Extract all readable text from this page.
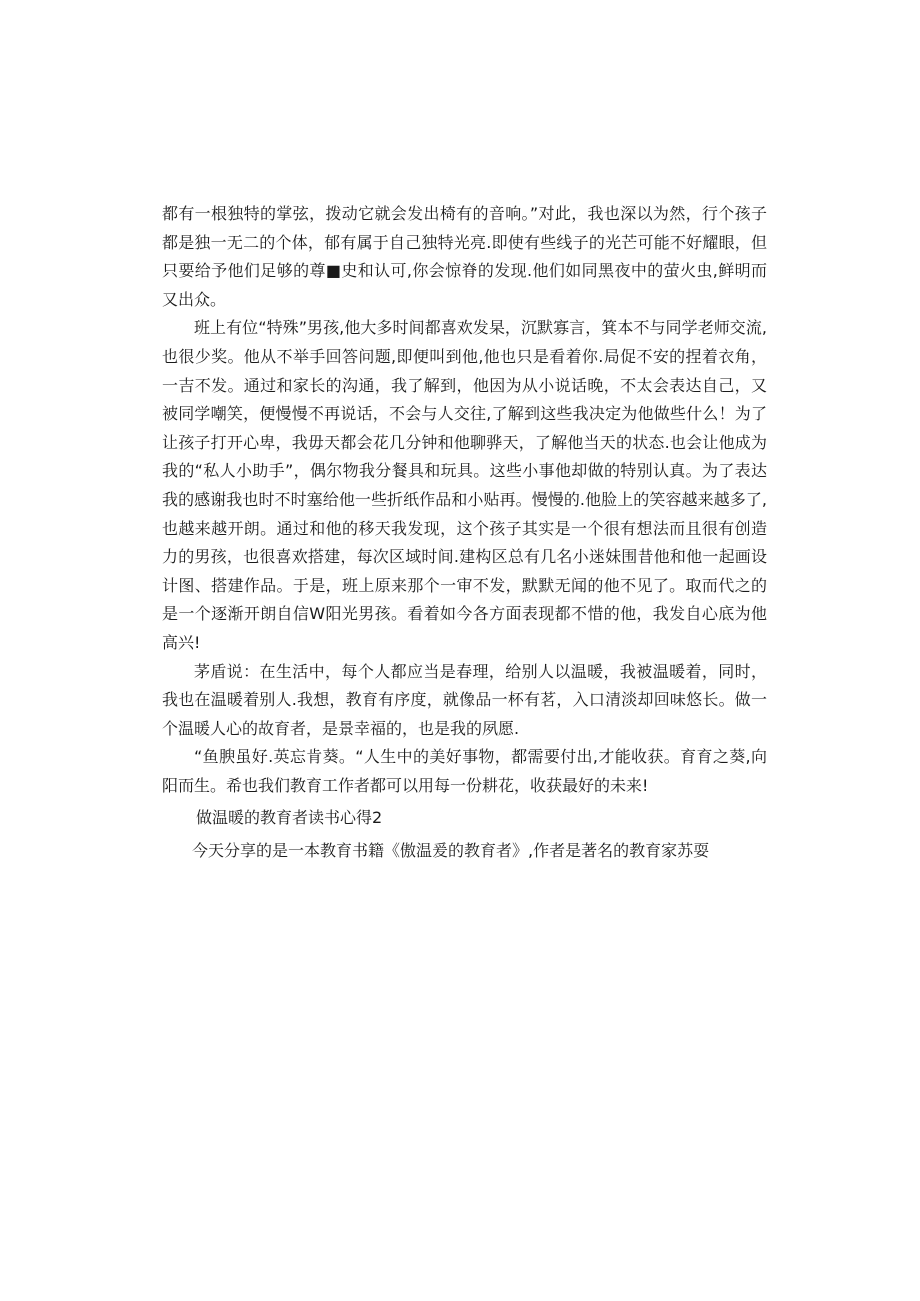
都有一根独特的掌弦，拨动它就会发出椅有的音响。”对此，我也深以为然，行个孩子都是独一无二的个体，郁有属于自己独特光亮.即使有些线子的光芒可能不好耀眼，但只要给予他们足够的尊■史和认可,你会惊脊的发现.他们如同黑夜中的萤火虫,鲜明而又出众。

班上有位“特殊”男孩,他大多时间都喜欢发杲，沉默寡言，箕本不与同学老师交流,也很少奖。他从不举手回答问题,即便叫到他,他也只是看着你.局促不安的捏着衣角，一吉不发。通过和家长的沟通，我了解到，他因为从小说话晚，不太会表达自己，又被同学嘲笑，便慢慢不再说话，不会与人交往,了解到这些我决定为他做些什么！为了让孩子打开心卑，我毋天都会花几分钟和他聊骅天，了解他当天的状态.也会让他成为我的“私人小助手”，偶尔物我分餐具和玩具。这些小事他却做的特别认真。为了表达我的感谢我也时不时塞给他一些折纸作品和小贴再。慢慢的.他脸上的笑容越来越多了,也越来越开朗。通过和他的移天我发现，这个孩子其实是一个很有想法而且很有创造力的男孩，也很喜欢搭建，每次区域时间.建构区总有几名小迷妹围昔他和他一起画设计图、搭建作品。于是，班上原来那个一审不发，默默无闻的他不见了。取而代之的是一个逐渐开朗自信W阳光男孩。看着如今各方面表现都不惜的他，我发自心底为他高兴!

茅盾说：在生活中，每个人都应当是春理，给别人以温暖，我被温暖着，同时，我也在温暖着别人.我想，教育有序度，就像品一杯有茗，入口清淡却回味悠长。做一个温暖人心的故育者，是景幸福的，也是我的夙愿.

“鱼腴虽好.英忘肯葵。“人生中的美好事物，都需要付出,才能收获。育育之葵,向阳而生。希也我们教育工作者都可以用每一份耕花，收获最好的未来!

做温暖的教育者读书心得2

今天分享的是一本教育书籍《傲温爰的教育者》,作者是著名的教育家苏耍
